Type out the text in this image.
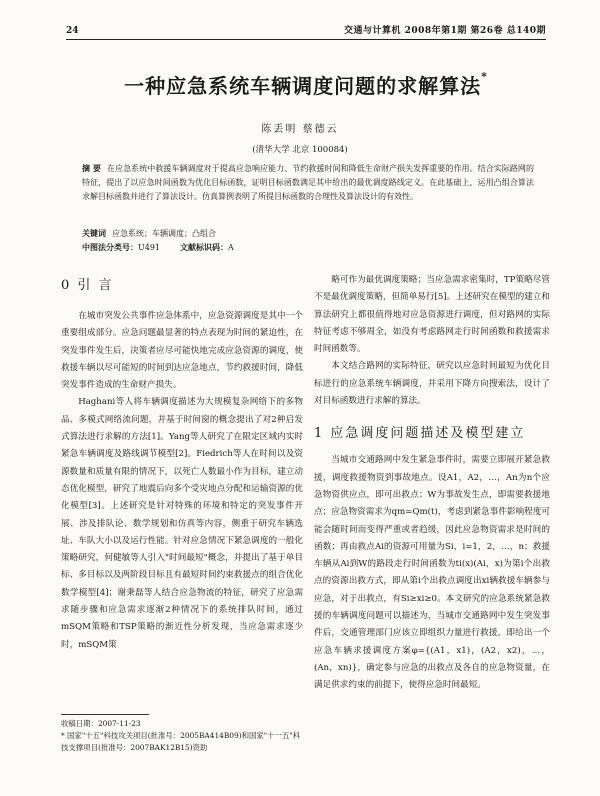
24	交通与计算机 2008年第1期 第26卷 总140期
一种应急系统车辆调度问题的求解算法*
陈丢明 蔡德云
(清华大学 北京 100084)
摘 要 在应急系统中救援车辆调度对于提高应急响应能力、节约救援时间和降低生命财产损失发挥重要的作用。结合实际路网的特征，提出了以应急时间函数为优化目标函数，证明目标函数满足其中给出的最优调度路线定义。在此基础上，运用凸组合算法求解目标函数并进行了算法设计。仿真算例表明了所提目标函数的合理性及算法设计的有效性。
关键词 应急系统；车辆调度；凸组合
中图法分类号：U491	文献标识码：A
0 引 言

在城市突发公共事件应急体系中，应急资源调度是其中一个重要组成部分。应急问题最显著的特点表现为时间的紧迫性，在突发事件发生后，决策者应尽可能快地完成应急资源的调度，使救援车辆以尽可能短的时间到达应急地点，节约救援时间，降低突发事件造成的生命财产损失。

Haghani等人将车辆调度描述为大规模复杂网络下的多物品、多模式网络流问题，并基于时间窗的概念提出了对2种启发式算法进行求解的方法[1]。Yang等人研究了在限定区域内实时紧急车辆调度及路线调节模型[2]。Fiedrich等人在时间以及资源数量和质量有限的情况下，以死亡人数最小作为目标，建立动态优化模型，研究了地震后向多个受灾地点分配和运输资源的优化模型[3]。上述研究是针对特殊的环境和特定的突发事件开展、涉及排队论、数学规划和仿真等内容，侧重于研究车辆选址、车队大小以及运行性能。针对应急情况下紧急调度的一般化策略研究，何健敏等人引入"时间最短"概念，并提出了基于单目标、多目标以及两阶段目标且有最短时间约束救援点的组合优化数学模型[4]；谢秉磊等人结合应急物流的特征，研究了应急需求随步骤和应急需求逐渐2种情况下的系统排队时间，通过mSQM策略和TSP策略的渐近性分析发现，当应急需求逐少时，mSQM策

略可作为最优调度策略；当应急需求密集时，TP策略尽管不是最优调度策略，但简单易行[5]。上述研究在模型的建立和算法研究上都很值得地对应急资源进行调度，但对路网的实际特征考虑不够周全，如没有考虑路网走行时间函数和救援需求时间函数等。

本文结合路网的实际特征，研究以应急时间最短为优化目标进行的应急系统车辆调度，并采用下降方向搜索法，设计了对目标函数进行求解的算法。

1 应急调度问题描述及模型建立

当城市交通路网中发生紧急事件时，需要立即展开紧急救援，调度救援物资到事故地点。设A1，A2，…，An为n个应急物资供应点，即可出救点；W为事故发生点，即需要救援地点；应急物资需求为qm=Qm(t)，考虑到紧急事件影响程度可能会随时间而变得严重或者趋缓，因此应急物资需求是时间的函数；再由救点Ai的资源可用量为Si，i=1，2，…，n；救援车辆从Ai到W的路段走行时间函数为ti(x)(Ai，x)为第i个出救点的资源出救方式，即从第i个出救点调度出xi辆救援车辆参与应急，对于出救点，有Si≥xi≥0。本文研究的应急系统紧急救援的车辆调度问题可以描述为，当城市交通路网中发生突发事件后，交通管理部门应该立即组织力量进行救援，即给出一个应急车辆求援调度方案φ={(A1，x1)，(A2，x2)，…，(An，xn)}，确定参与应急的出救点及各自的应急物资量，在满足供求约束的前提下，使得应急时间最短。

收稿日期：2007-11-23
* 国家"十五"科技攻关项目(批准号：2005BA414B09)和国家"十一五"科技支撑项目(批准号：2007BAK12B15)资助
